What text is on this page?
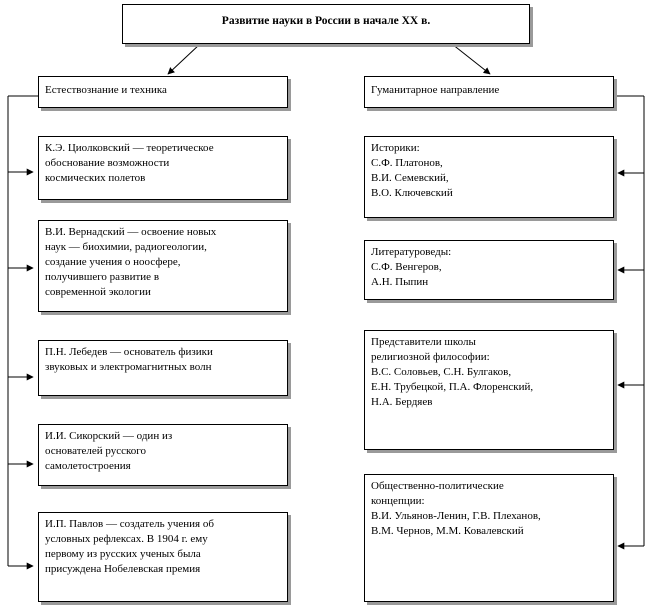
Развитие науки в России в начале XX в.
Естествознание и техника
К.Э. Циолковский — теоретическое
обоснование возможности
космических полетов
В.И. Вернадский — освоение новых
наук — биохимии, радиогеологии,
создание учения о ноосфере,
получившего развитие в
современной экологии
П.Н. Лебедев — основатель физики
звуковых и электромагнитных волн
И.И. Сикорский — один из
основателей русского
самолетостроения
И.П. Павлов — создатель учения об
условных рефлексах. В 1904 г. ему
первому из русских ученых была
присуждена Нобелевская премия
Гуманитарное направление
Историки:
С.Ф. Платонов,
В.И. Семевский,
В.О. Ключевский
Литературоведы:
С.Ф. Венгеров,
А.Н. Пыпин
Представители школы
религиозной философии:
В.С. Соловьев, С.Н. Булгаков,
Е.Н. Трубецкой, П.А. Флоренский,
Н.А. Бердяев
Общественно-политические
концепции:
В.И. Ульянов-Ленин, Г.В. Плеханов,
В.М. Чернов, М.М. Ковалевский
